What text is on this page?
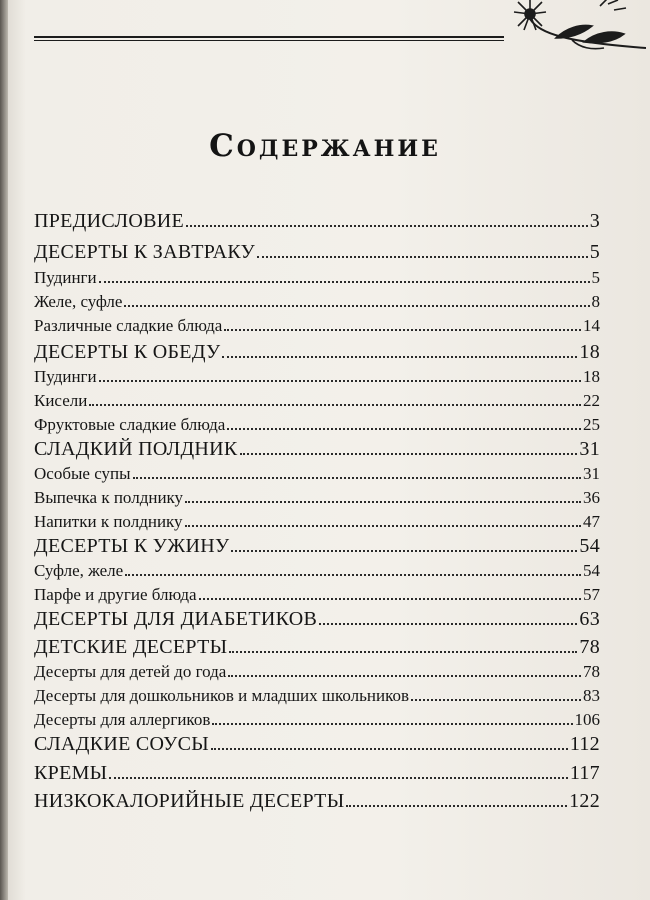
Содержание
ПРЕДИСЛОВИЕ	3
ДЕСЕРТЫ К ЗАВТРАКУ	5
Пудинги	5
Желе, суфле	8
Различные сладкие блюда	14
ДЕСЕРТЫ К ОБЕДУ	18
Пудинги	18
Кисели	22
Фруктовые сладкие блюда	25
СЛАДКИЙ ПОЛДНИК	31
Особые супы	31
Выпечка к полднику	36
Напитки к полднику	47
ДЕСЕРТЫ К УЖИНУ	54
Суфле, желе	54
Парфе и другие блюда	57
ДЕСЕРТЫ ДЛЯ ДИАБЕТИКОВ	63
ДЕТСКИЕ ДЕСЕРТЫ	78
Десерты для детей до года	78
Десерты для дошкольников и младших школьников	83
Десерты для аллергиков	106
СЛАДКИЕ СОУСЫ	112
КРЕМЫ	117
НИЗКОКАЛОРИЙНЫЕ ДЕСЕРТЫ	122
